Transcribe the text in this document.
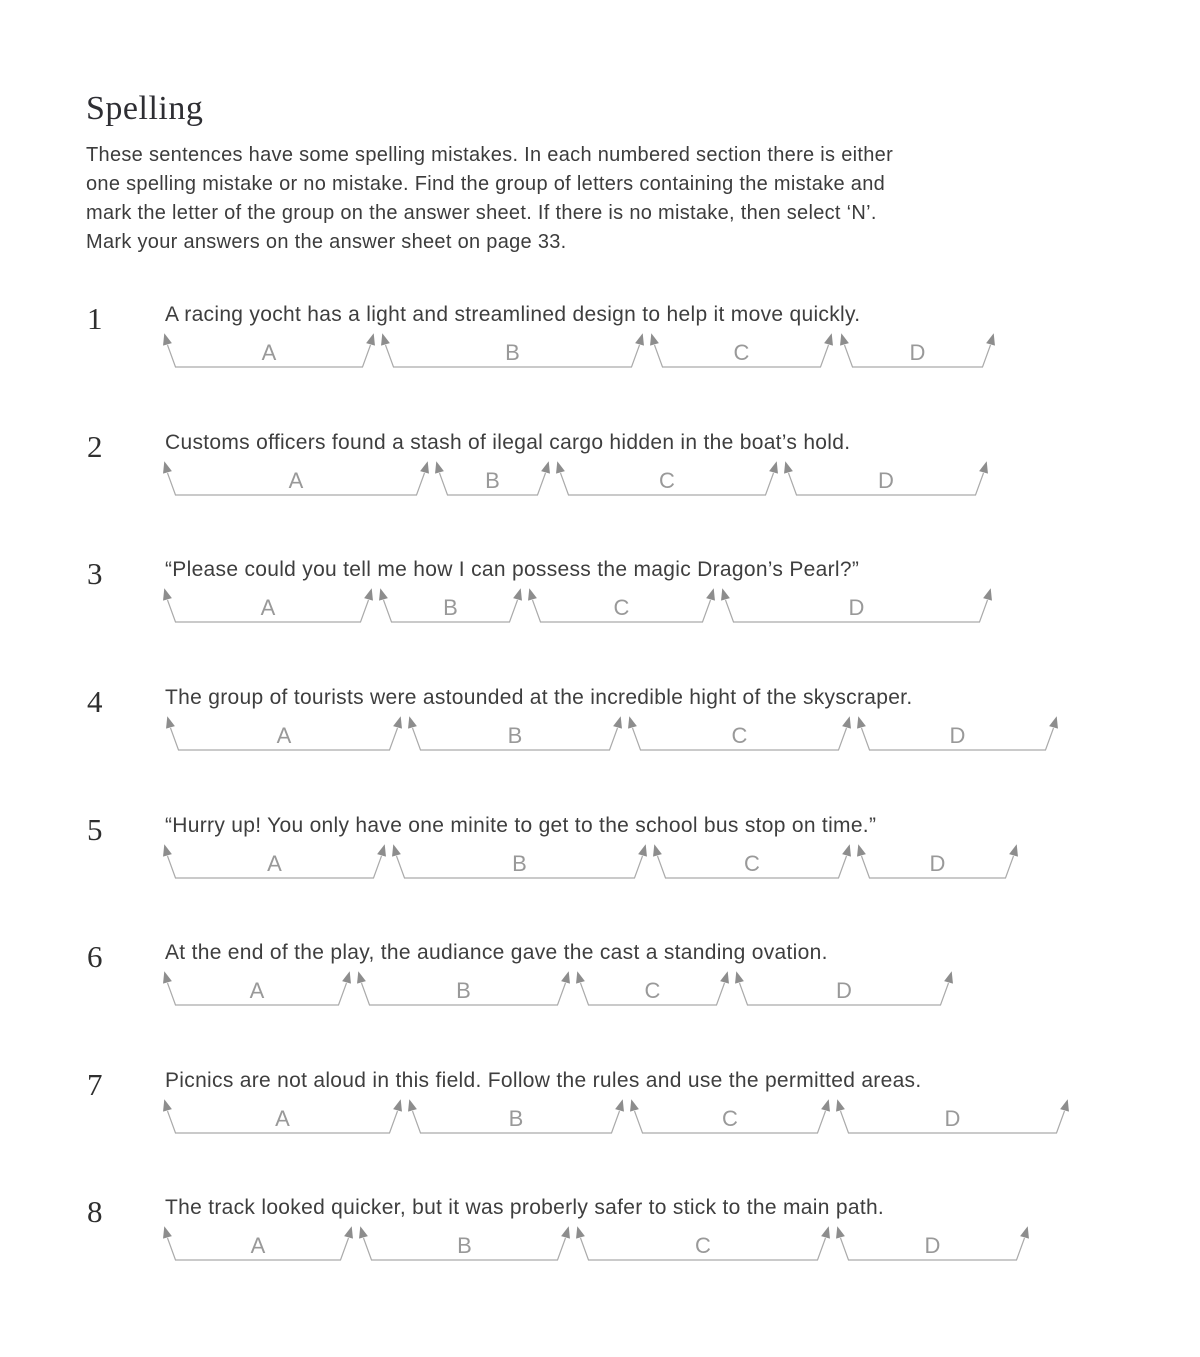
Spelling
These sentences have some spelling mistakes. In each numbered section there is either
one spelling mistake or no mistake. Find the group of letters containing the mistake and
mark the letter of the group on the answer sheet. If there is no mistake, then select ‘N’.
Mark your answers on the answer sheet on page 33.
1	A racing yocht has a light and streamlined design to help it move quickly.
A	B	C	D
2	Customs officers found a stash of ilegal cargo hidden in the boat’s hold.
A	B	C	D
3	“Please could you tell me how I can possess the magic Dragon’s Pearl?”
A	B	C	D
4	The group of tourists were astounded at the incredible hight of the skyscraper.
A	B	C	D
5	“Hurry up! You only have one minite to get to the school bus stop on time.”
A	B	C	D
6	At the end of the play, the audiance gave the cast a standing ovation.
A	B	C	D
7	Picnics are not aloud in this field. Follow the rules and use the permitted areas.
A	B	C	D
8	The track looked quicker, but it was proberly safer to stick to the main path.
A	B	C	D
